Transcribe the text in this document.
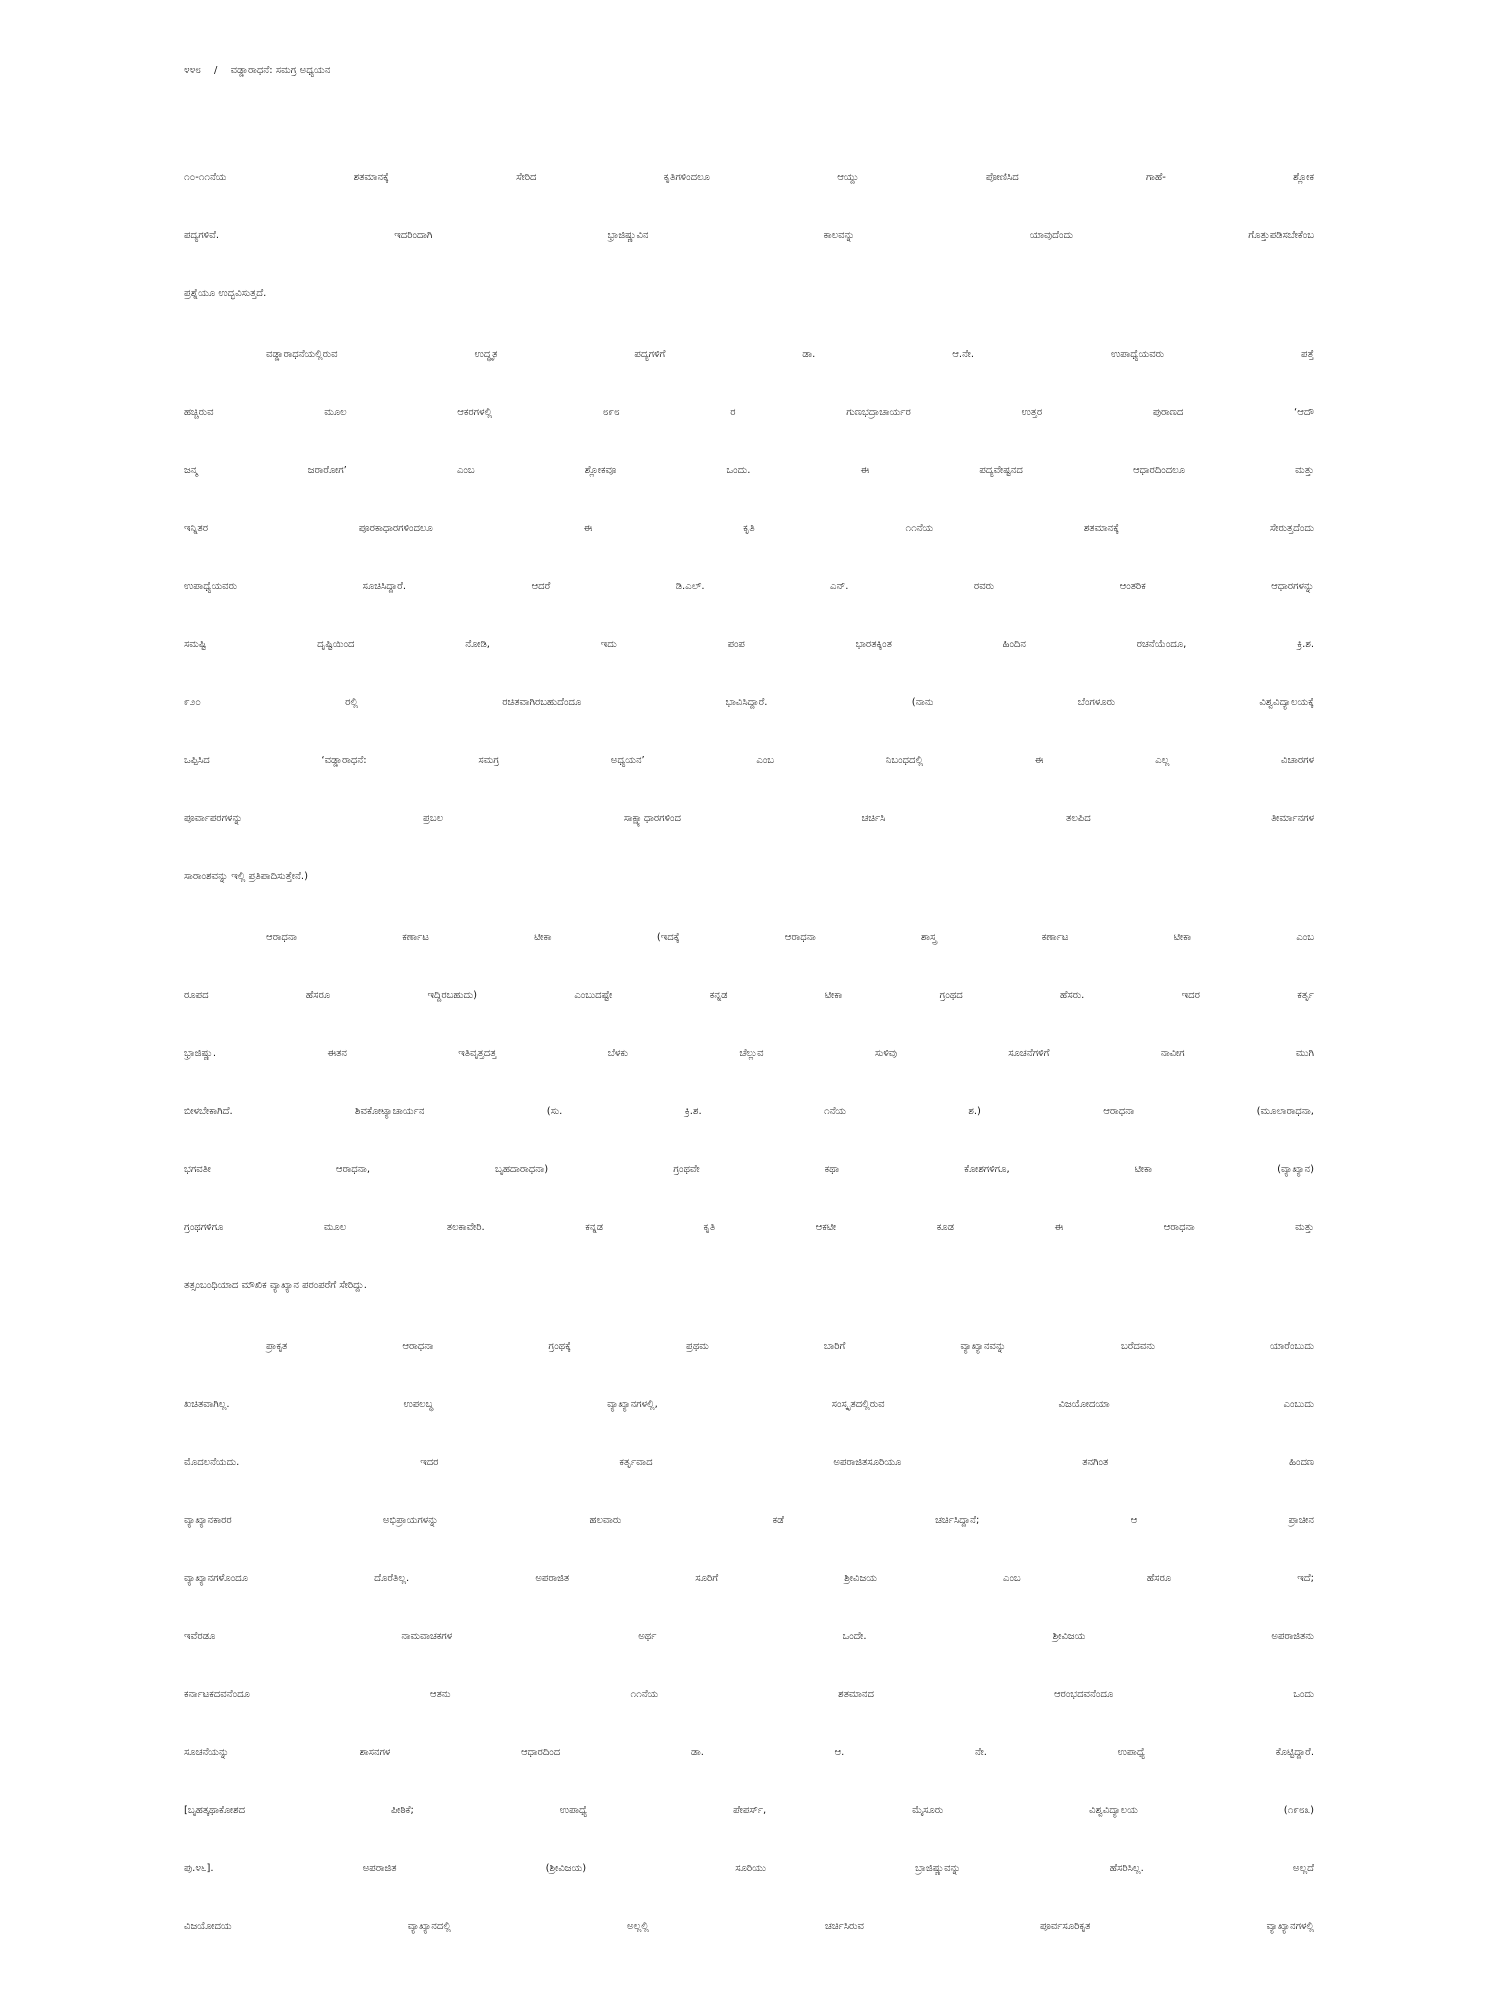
೪೪೮ / ವಡ್ಡಾರಾಧನೆ: ಸಮಗ್ರ ಅಧ್ಯಯನ
೧೦-೧೧ನೆಯ ಶತಮಾನಕ್ಕೆ ಸೇರಿದ ಕೃತಿಗಳಿಂದಲೂ ಆಯ್ದು ಪೋಣಿಸಿದ ಗಾಹೆ- ಶ್ಲೋಕ
ಪದ್ಯಗಳಿವೆ. ಇದರಿಂದಾಗಿ ಭ್ರಾಜಿಷ್ಣುವಿನ ಕಾಲವನ್ನು ಯಾವುದೆಂದು ಗೊತ್ತುಪಡಿಸಬೇಕೆಂಬ
ಪ್ರಶ್ನೆಯೂ ಉದ್ಭವಿಸುತ್ತದೆ.
ವಡ್ಡಾರಾಧನೆಯಲ್ಲಿರುವ ಉದ್ಧೃತ ಪದ್ಯಗಳಿಗೆ ಡಾ. ಆ.ನೇ. ಉಪಾಧ್ಯೆಯವರು ಪತ್ತೆ
ಹಚ್ಚಿರುವ ಮೂಲ ಆಕರಗಳಲ್ಲಿ ೮೯೮ ರ ಗುಣಭದ್ರಾಚಾರ್ಯರ ಉತ್ತರ ಪುರಾಣದ ‘ಆದೌ
ಜನ್ಮ ಜರಾರೋಗ’ ಎಂಬ ಶ್ಲೋಕವೂ ಒಂದು. ಈ ಪದ್ಯವೇಷ್ಟನದ ಆಧಾರದಿಂದಲೂ ಮತ್ತು
ಇನ್ನಿತರ ಪೂರಕಾಧಾರಗಳಿಂದಲೂ ಈ ಕೃತಿ ೧೧ನೆಯ ಶತಮಾನಕ್ಕೆ ಸೇರುತ್ತದೆಂದು
ಉಪಾಧ್ಯೆಯವರು ಸೂಚಿಸಿದ್ದಾರೆ. ಆದರೆ ಡಿ.ಎಲ್. ಎನ್. ರವರು ಆಂತರಿಕ ಆಧಾರಗಳನ್ನು
ಸಮಷ್ಟಿ ದೃಷ್ಟಿಯಿಂದ ನೋಡಿ, ಇದು ಪಂಪ ಭಾರತಕ್ಕಿಂತ ಹಿಂದಿನ ರಚನೆಯೆಂದೂ, ಕ್ರಿ.ಶ.
೯೨೦ ರಲ್ಲಿ ರಚಿತವಾಗಿರಬಹುದೆಂದೂ ಭಾವಿಸಿದ್ದಾರೆ. (ನಾನು ಬೆಂಗಳೂರು ವಿಶ್ವವಿದ್ಯಾಲಯಕ್ಕೆ
ಒಪ್ಪಿಸಿದ ‘ವಡ್ಡಾರಾಧನೆ: ಸಮಗ್ರ ಅಧ್ಯಯನ’ ಎಂಬ ನಿಬಂಧದಲ್ಲಿ ಈ ಎಲ್ಲ ವಿಚಾರಗಳ
ಪೂರ್ವಾಪರಗಳನ್ನು ಪ್ರಬಲ ಸಾಕ್ಷ್ಯಾಧಾರಗಳಿಂದ ಚರ್ಚಿಸಿ ತಲಪಿದ ತೀರ್ಮಾನಗಳ
ಸಾರಾಂಶವನ್ನು ಇಲ್ಲಿ ಪ್ರತಿಪಾದಿಸುತ್ತೇನೆ.)
ಆರಾಧನಾ ಕರ್ಣಾಟ ಟೀಕಾ (ಇದಕ್ಕೆ ಆರಾಧನಾ ಶಾಸ್ತ್ರ ಕರ್ಣಾಟ ಟೀಕಾ ಎಂಬ
ರೂಪದ ಹೆಸರೂ ಇದ್ದಿರಬಹುದು) ಎಂಬುದಷ್ಟೇ ಕನ್ನಡ ಟೀಕಾ ಗ್ರಂಥದ ಹೆಸರು. ಇದರ ಕರ್ತೃ
ಭ್ರಾಜಿಷ್ಣು. ಈತನ ಇತಿವೃತ್ತದತ್ತ ಬೆಳಕು ಚೆಲ್ಲುವ ಸುಳಿವು ಸೂಚನೆಗಳಿಗೆ ನಾವೀಗ ಮುಗಿ
ಬೀಳಬೇಕಾಗಿದೆ. ಶಿವಕೋಟ್ಯಾಚಾರ್ಯನ (ಸು. ಕ್ರಿ.ಶ. ೧ನೆಯ ಶ.) ಆರಾಧನಾ (ಮೂಲಾರಾಧನಾ,
ಭಗವತೀ ಆರಾಧನಾ, ಬೃಹದಾರಾಧನಾ) ಗ್ರಂಥವೇ ಕಥಾ ಕೋಶಗಳಿಗೂ, ಟೀಕಾ (ವ್ಯಾಖ್ಯಾನ)
ಗ್ರಂಥಗಳಿಗೂ ಮೂಲ ತಲಕಾವೇರಿ. ಕನ್ನಡ ಕೃತಿ ಆಕಟೀ ಕೂಡ ಈ ಆರಾಧನಾ ಮತ್ತು
ತತ್ಸಂಬಂಧಿಯಾದ ಮೌಖಿಕ ವ್ಯಾಖ್ಯಾನ ಪರಂಪರೆಗೆ ಸೇರಿದ್ದು.
ಪ್ರಾಕೃತ ಆರಾಧನಾ ಗ್ರಂಥಕ್ಕೆ ಪ್ರಥಮ ಬಾರಿಗೆ ವ್ಯಾಖ್ಯಾನವನ್ನು ಬರೆದವನು ಯಾರೆಂಬುದು
ಖಚಿತವಾಗಿಲ್ಲ. ಉಪಲಬ್ಧ ವ್ಯಾಖ್ಯಾನಗಳಲ್ಲಿ, ಸಂಸ್ಕೃತದಲ್ಲಿರುವ ವಿಜಯೋದಯಾ ಎಂಬುದು
ಮೊದಲನೆಯದು. ಇದರ ಕರ್ತೃವಾದ ಅಪರಾಜಿತಸೂರಿಯೂ ತನಗಿಂತ ಹಿಂದಣ
ವ್ಯಾಖ್ಯಾನಕಾರರ ಅಭಿಪ್ರಾಯಗಳನ್ನು ಹಲವಾರು ಕಡೆ ಚರ್ಚಿಸಿದ್ದಾನೆ; ಆ ಪ್ರಾಚೀನ
ವ್ಯಾಖ್ಯಾನಗಳೊಂದೂ ದೊರೆತಿಲ್ಲ. ಅಪರಾಜಿತ ಸೂರಿಗೆ ಶ್ರೀವಿಜಯ ಎಂಬ ಹೆಸರೂ ಇದೆ;
ಇವೆರಡೂ ನಾಮವಾಚಕಗಳ ಅರ್ಥ ಒಂದೇ. ಶ್ರೀವಿಜಯ ಅಪರಾಜಿತನು
ಕರ್ನಾಟಕದವನೆಂದೂ ಆತನು ೧೧ನೆಯ ಶತಮಾನದ ಆರಂಭದವನೆಂದೂ ಒಂದು
ಸೂಚನೆಯನ್ನು ಶಾಸನಗಳ ಆಧಾರದಿಂದ ಡಾ. ಆ. ನೇ. ಉಪಾಧ್ಯೆ ಕೊಟ್ಟಿದ್ದಾರೆ.
[ಬೃಹತ್ಕಥಾಕೋಶದ ಪೀಠಿಕೆ; ಉಪಾಧ್ಯೆ ಪೇಪರ್ಸ್, ಮೈಸೂರು ವಿಶ್ವವಿದ್ಯಾಲಯ (೧೯೮೩)
ಪು.೪೬]. ಅಪರಾಜಿತ (ಶ್ರೀವಿಜಯ) ಸೂರಿಯು ಬ್ರಾಜಿಷ್ಣುವನ್ನು ಹೆಸರಿಸಿಲ್ಲ. ಅಲ್ಲದೆ
ವಿಜಯೋದಯ ವ್ಯಾಖ್ಯಾನದಲ್ಲಿ ಅಲ್ಲಲ್ಲಿ ಚರ್ಚಿಸಿರುವ ಪೂರ್ವಸೂರಿಕೃತ ವ್ಯಾಖ್ಯಾನಗಳಲ್ಲಿ
